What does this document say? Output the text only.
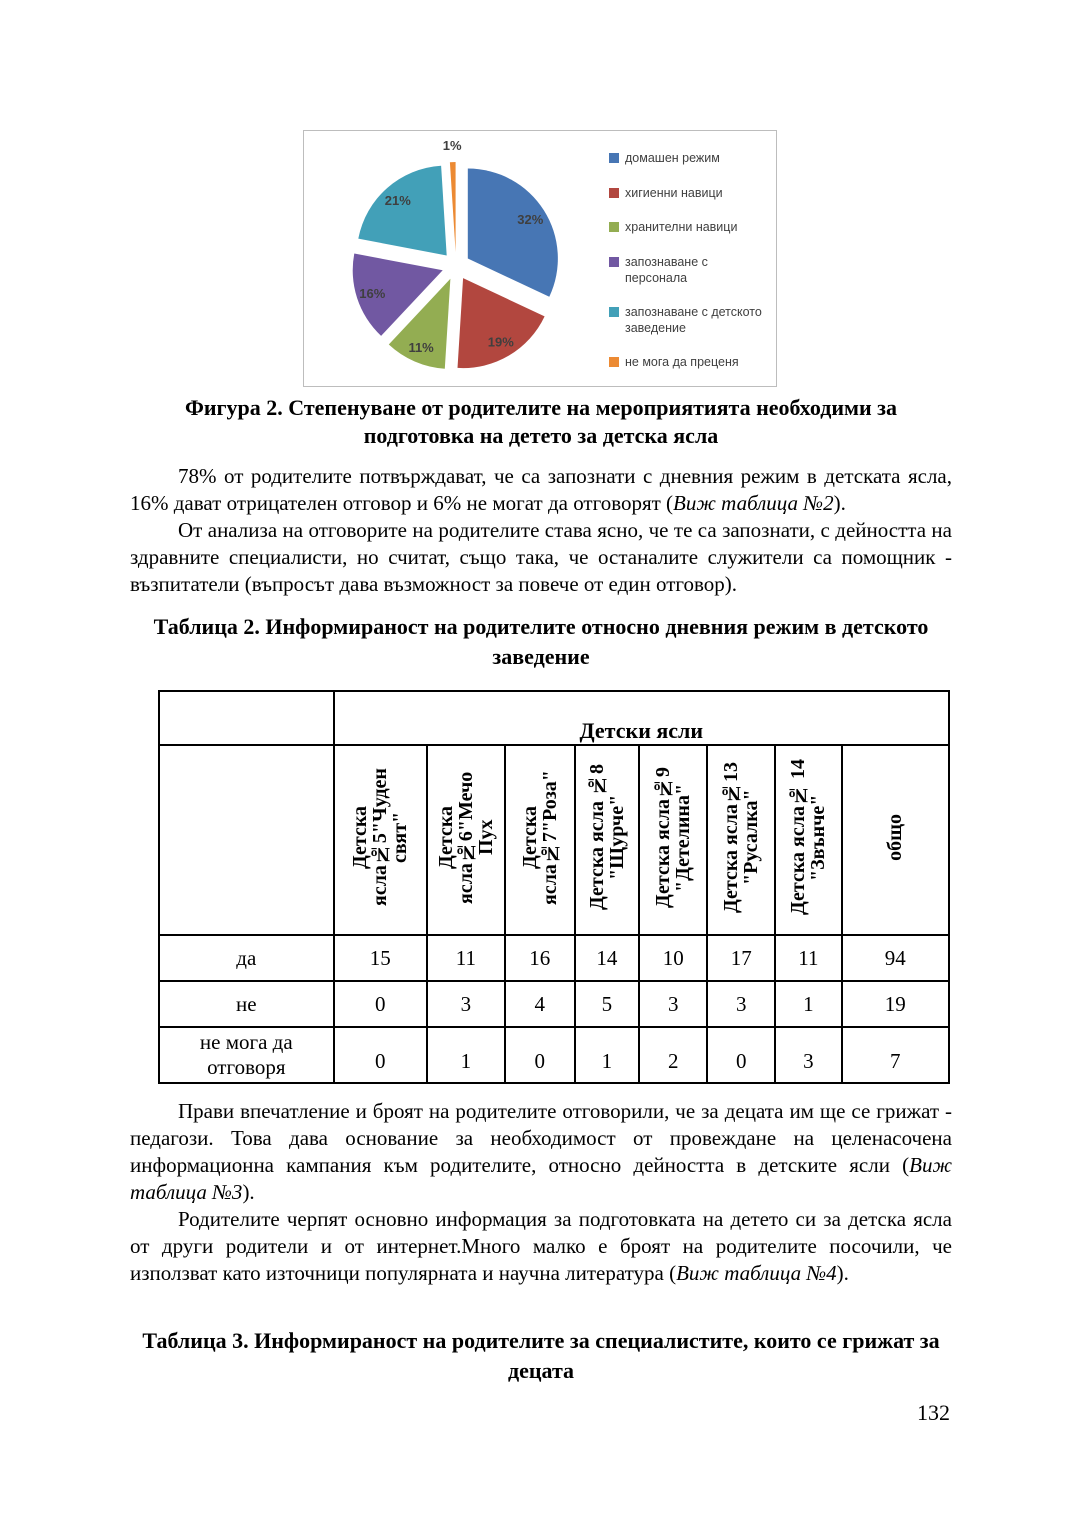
32%
19%
11%
16%
21%
1%
домашен режим
хигиенни навици
хранителни навици
запознаване с персонала
запознаване с детското заведение
не мога да преценя
Фигура 2. Степенуване от родителите на мероприятията необходими за подготовка на детето за детска ясла

78% от родителите потвърждават, че са запознати с дневния режим в детската ясла, 16% дават отрицателен отговор и 6% не могат да отговорят (Виж таблица №2).

От анализа на отговорите на родителите става ясно, че те са запознати, с дейността на здравните специалисти, но считат, също така, че останалите служители са помощник - възпитатели (въпросът дава възможност за повече от един отговор).

Таблица 2. Информираност на родителите относно дневния режим в детското заведение
	Детски ясли							
	Детска ясла№5"Чуден свят"	Детска ясла№6"Мечо Пух	Детска ясла№7"Роза"	Детска ясла №8 "Щурче"	Детска ясла№9 "Детелина"	Детска ясла№13 "Русалка"	Детска ясла№ 14 "Звънче"	общо
да	15	11	16	14	10	17	11	94
не	0	3	4	5	3	3	1	19
не мога да отговоря	0	1	0	1	2	0	3	7

Прави впечатление и броят на родителите отговорили, че за децата им ще се грижат - педагози. Това дава основание за необходимост от провеждане на целенасочена информационна кампания към родителите, относно дейността в детските ясли (Виж таблица №3).

Родителите черпят основно информация за подготовката на детето си за детска ясла от други родители и от интернет.Много малко е броят на родителите посочили, че използват като източници популярната и научна литература (Виж таблица №4).

Таблица 3. Информираност на родителите за специалистите, които се грижат за децата
132
